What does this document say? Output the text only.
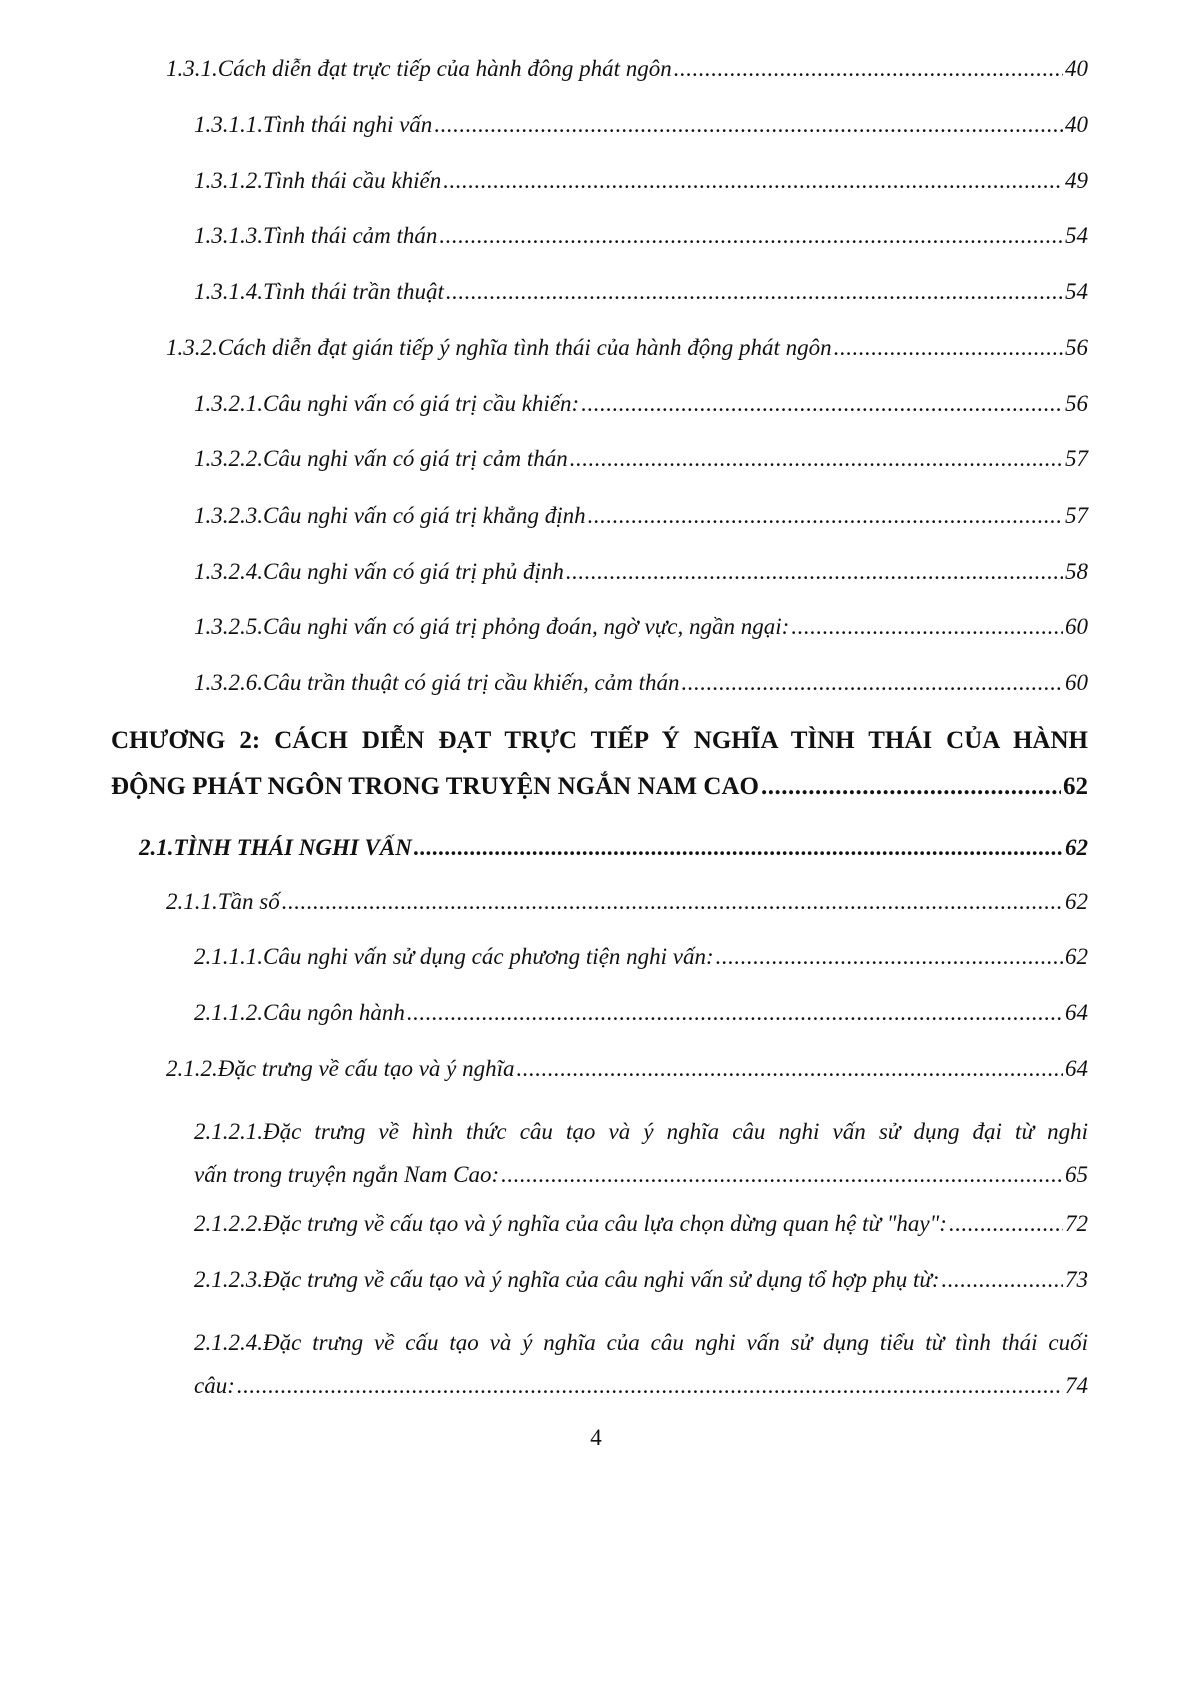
1.3.1.Cách diễn đạt trực tiếp của hành đông phát ngôn .....	40
1.3.1.1.Tình thái nghi vấn .....	40
1.3.1.2.Tình thái cầu khiến .....	49
1.3.1.3.Tình thái cảm thán .....	54
1.3.1.4.Tình thái trần thuật .....	54
1.3.2.Cách diễn đạt gián tiếp ý nghĩa tình thái của hành động phát ngôn .....	56
1.3.2.1.Câu nghi vấn có giá trị cầu khiến: .....	56
1.3.2.2.Câu nghi vấn có giá trị cảm thán .....	57
1.3.2.3.Câu nghi vấn có giá trị khẳng định .....	57
1.3.2.4.Câu nghi vấn có giá trị phủ định .....	58
1.3.2.5.Câu nghi vấn có giá trị phỏng đoán, ngờ vực, ngần ngại: .....	60
1.3.2.6.Câu trần thuật có giá trị cầu khiến, cảm thán .....	60
CHƯƠNG 2: CÁCH DIỄN ĐẠT TRỰC TIẾP Ý NGHĨA TÌNH THÁI CỦA HÀNH
ĐỘNG PHÁT NGÔN TRONG TRUYỆN NGẮN NAM CAO .....	62
2.1.TÌNH THÁI NGHI VẤN .....	62
2.1.1.Tần số .....	62
2.1.1.1.Câu nghi vấn sử dụng các phương tiện nghi vấn: .....	62
2.1.1.2.Câu ngôn hành .....	64
2.1.2.Đặc trưng về cấu tạo và ý nghĩa .....	64
2.1.2.1.Đặc trưng về hình thức câu tạo và ý nghĩa câu nghi vấn sử dụng đại từ nghi
vấn trong truyện ngắn Nam Cao: .....	65
2.1.2.2.Đặc trưng về cấu tạo và ý nghĩa của câu lựa chọn dừng quan hệ từ "hay": .....	72
2.1.2.3.Đặc trưng về cấu tạo và ý nghĩa của câu nghi vấn sử dụng tổ hợp phụ từ: .....	73
2.1.2.4.Đặc trưng về cấu tạo và ý nghĩa của câu nghi vấn sử dụng tiểu từ tình thái cuối
câu: .....	74
4
